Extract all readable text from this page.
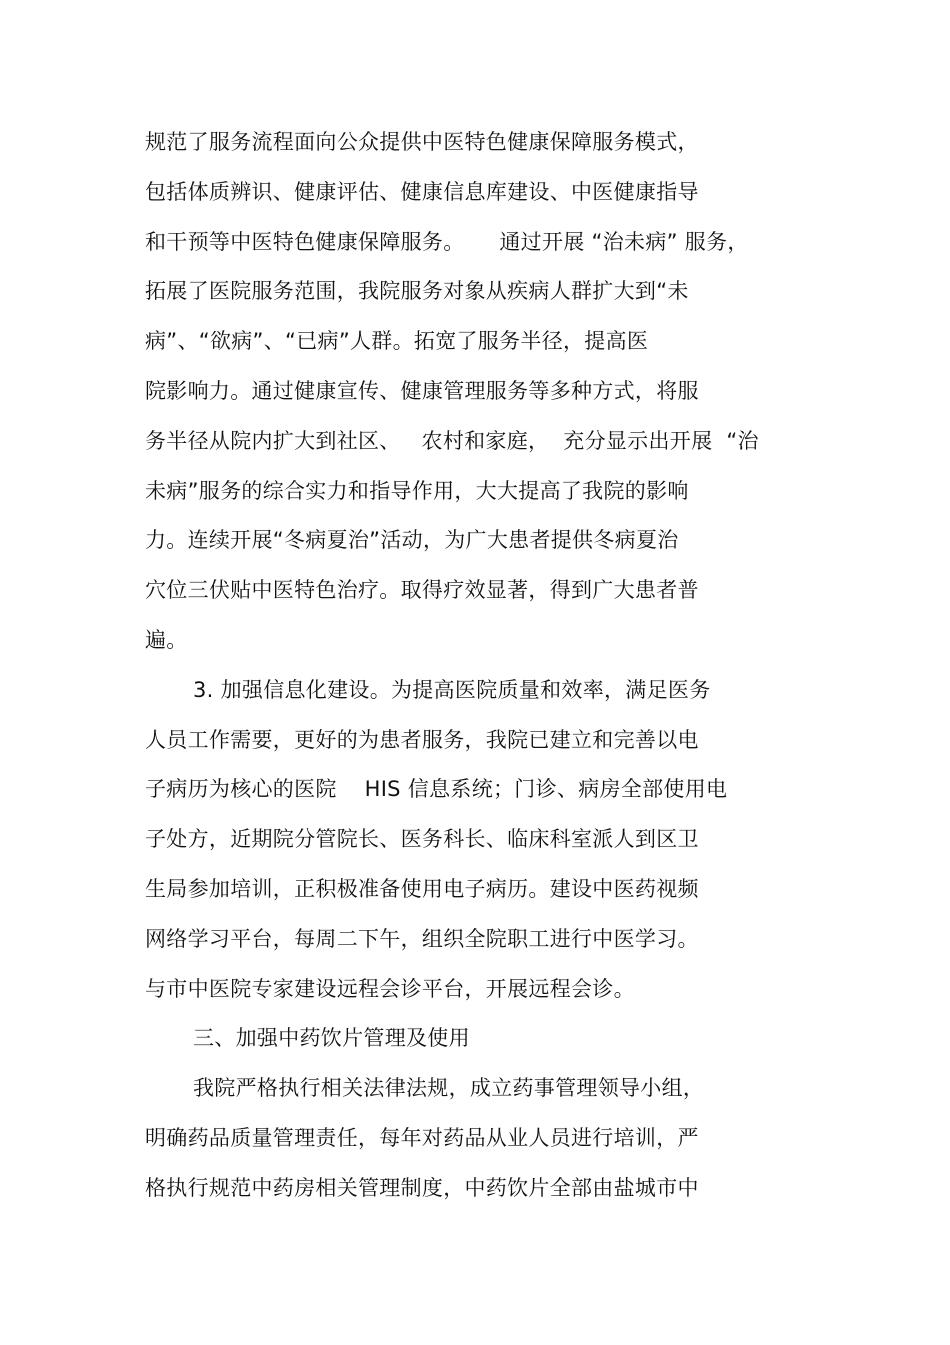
规范了服务流程面向公众提供中医特色健康保障服务模式，
包括体质辨识、健康评估、健康信息库建设、中医健康指导
和干预等中医特色健康保障服务。     通过开展 “治未病” 服务，
拓展了医院服务范围，我院服务对象从疾病人群扩大到“未
病”、“欲病”、“已病”人群。拓宽了服务半径，提高医
院影响力。通过健康宣传、健康管理服务等多种方式，将服
务半径从院内扩大到社区、   农村和家庭，  充分显示出开展  “治
未病”服务的综合实力和指导作用，大大提高了我院的影响
力。连续开展“冬病夏治”活动，为广大患者提供冬病夏治
穴位三伏贴中医特色治疗。取得疗效显著，得到广大患者普
遍。
3. 加强信息化建设。为提高医院质量和效率，满足医务
人员工作需要，更好的为患者服务，我院已建立和完善以电
子病历为核心的医院    HIS 信息系统；门诊、病房全部使用电
子处方，近期院分管院长、医务科长、临床科室派人到区卫
生局参加培训，正积极准备使用电子病历。建设中医药视频
网络学习平台，每周二下午，组织全院职工进行中医学习。
与市中医院专家建设远程会诊平台，开展远程会诊。
三、加强中药饮片管理及使用
我院严格执行相关法律法规，成立药事管理领导小组，
明确药品质量管理责任，每年对药品从业人员进行培训，严
格执行规范中药房相关管理制度，中药饮片全部由盐城市中
